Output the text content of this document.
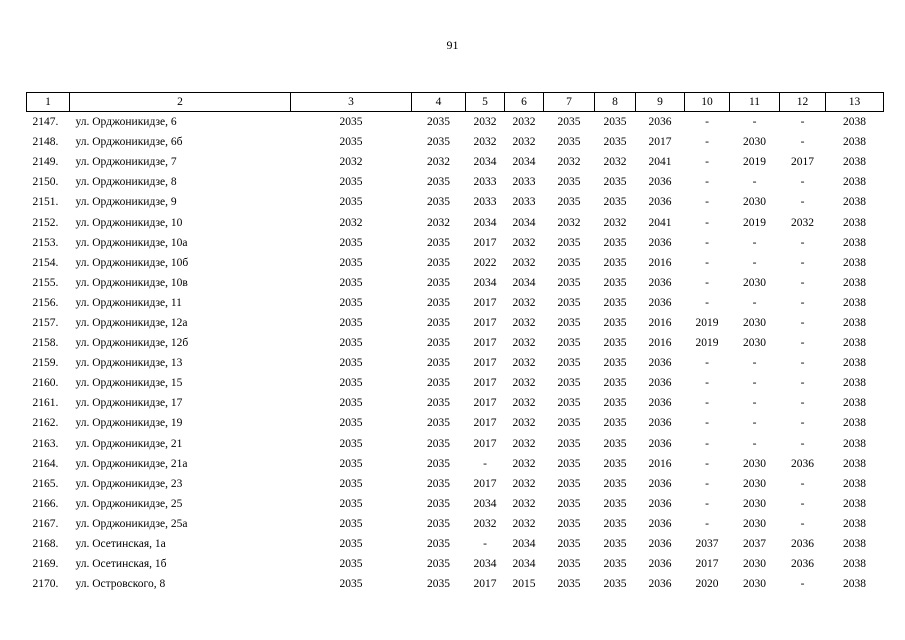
91
1	2	3	4	5	6	7	8	9	10	11	12	13
2147.	ул. Орджоникидзе, 6	2035	2035	2032	2032	2035	2035	2036	-	-	-	2038
2148.	ул. Орджоникидзе, 6б	2035	2035	2032	2032	2035	2035	2017	-	2030	-	2038
2149.	ул. Орджоникидзе, 7	2032	2032	2034	2034	2032	2032	2041	-	2019	2017	2038
2150.	ул. Орджоникидзе, 8	2035	2035	2033	2033	2035	2035	2036	-	-	-	2038
2151.	ул. Орджоникидзе, 9	2035	2035	2033	2033	2035	2035	2036	-	2030	-	2038
2152.	ул. Орджоникидзе, 10	2032	2032	2034	2034	2032	2032	2041	-	2019	2032	2038
2153.	ул. Орджоникидзе, 10а	2035	2035	2017	2032	2035	2035	2036	-	-	-	2038
2154.	ул. Орджоникидзе, 10б	2035	2035	2022	2032	2035	2035	2016	-	-	-	2038
2155.	ул. Орджоникидзе, 10в	2035	2035	2034	2034	2035	2035	2036	-	2030	-	2038
2156.	ул. Орджоникидзе, 11	2035	2035	2017	2032	2035	2035	2036	-	-	-	2038
2157.	ул. Орджоникидзе, 12а	2035	2035	2017	2032	2035	2035	2016	2019	2030	-	2038
2158.	ул. Орджоникидзе, 12б	2035	2035	2017	2032	2035	2035	2016	2019	2030	-	2038
2159.	ул. Орджоникидзе, 13	2035	2035	2017	2032	2035	2035	2036	-	-	-	2038
2160.	ул. Орджоникидзе, 15	2035	2035	2017	2032	2035	2035	2036	-	-	-	2038
2161.	ул. Орджоникидзе, 17	2035	2035	2017	2032	2035	2035	2036	-	-	-	2038
2162.	ул. Орджоникидзе, 19	2035	2035	2017	2032	2035	2035	2036	-	-	-	2038
2163.	ул. Орджоникидзе, 21	2035	2035	2017	2032	2035	2035	2036	-	-	-	2038
2164.	ул. Орджоникидзе, 21а	2035	2035	-	2032	2035	2035	2016	-	2030	2036	2038
2165.	ул. Орджоникидзе, 23	2035	2035	2017	2032	2035	2035	2036	-	2030	-	2038
2166.	ул. Орджоникидзе, 25	2035	2035	2034	2032	2035	2035	2036	-	2030	-	2038
2167.	ул. Орджоникидзе, 25а	2035	2035	2032	2032	2035	2035	2036	-	2030	-	2038
2168.	ул. Осетинская, 1а	2035	2035	-	2034	2035	2035	2036	2037	2037	2036	2038
2169.	ул. Осетинская, 1б	2035	2035	2034	2034	2035	2035	2036	2017	2030	2036	2038
2170.	ул. Островского, 8	2035	2035	2017	2015	2035	2035	2036	2020	2030	-	2038
